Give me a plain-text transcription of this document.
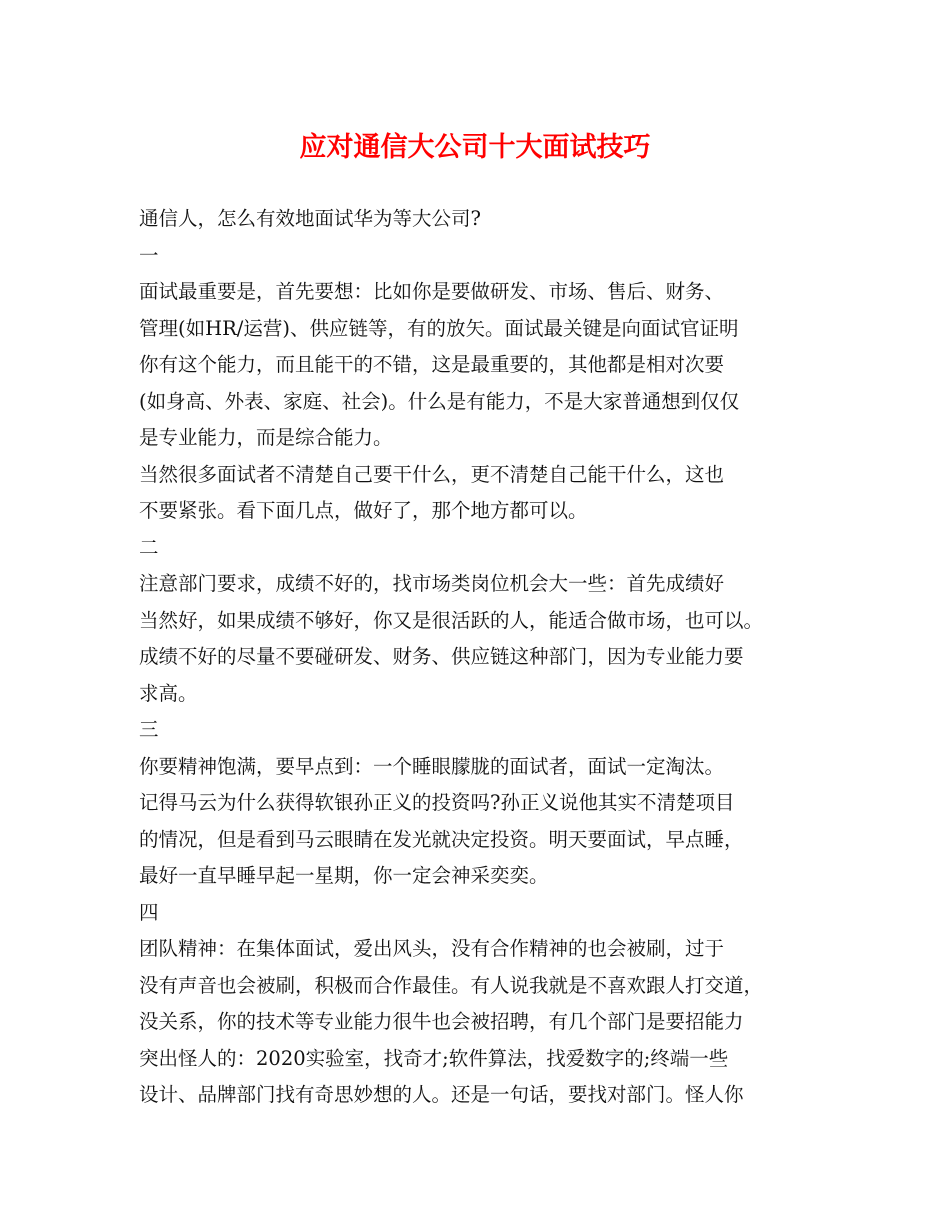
应对通信大公司十大面试技巧
通信人，怎么有效地面试华为等大公司?
一
面试最重要是，首先要想：比如你是要做研发、市场、售后、财务、
管理(如HR/运营)、供应链等，有的放矢。面试最关键是向面试官证明
你有这个能力，而且能干的不错，这是最重要的，其他都是相对次要
(如身高、外表、家庭、社会)。什么是有能力，不是大家普通想到仅仅
是专业能力，而是综合能力。
当然很多面试者不清楚自己要干什么，更不清楚自己能干什么，这也
不要紧张。看下面几点，做好了，那个地方都可以。
二
注意部门要求，成绩不好的，找市场类岗位机会大一些：首先成绩好
当然好，如果成绩不够好，你又是很活跃的人，能适合做市场，也可以。
成绩不好的尽量不要碰研发、财务、供应链这种部门，因为专业能力要
求高。
三
你要精神饱满，要早点到：一个睡眼朦胧的面试者，面试一定淘汰。
记得马云为什么获得软银孙正义的投资吗?孙正义说他其实不清楚项目
的情况，但是看到马云眼睛在发光就决定投资。明天要面试，早点睡，
最好一直早睡早起一星期，你一定会神采奕奕。
四
团队精神：在集体面试，爱出风头，没有合作精神的也会被刷，过于
没有声音也会被刷，积极而合作最佳。有人说我就是不喜欢跟人打交道，
没关系，你的技术等专业能力很牛也会被招聘，有几个部门是要招能力
突出怪人的：2020实验室，找奇才;软件算法，找爱数字的;终端一些
设计、品牌部门找有奇思妙想的人。还是一句话，要找对部门。怪人你
